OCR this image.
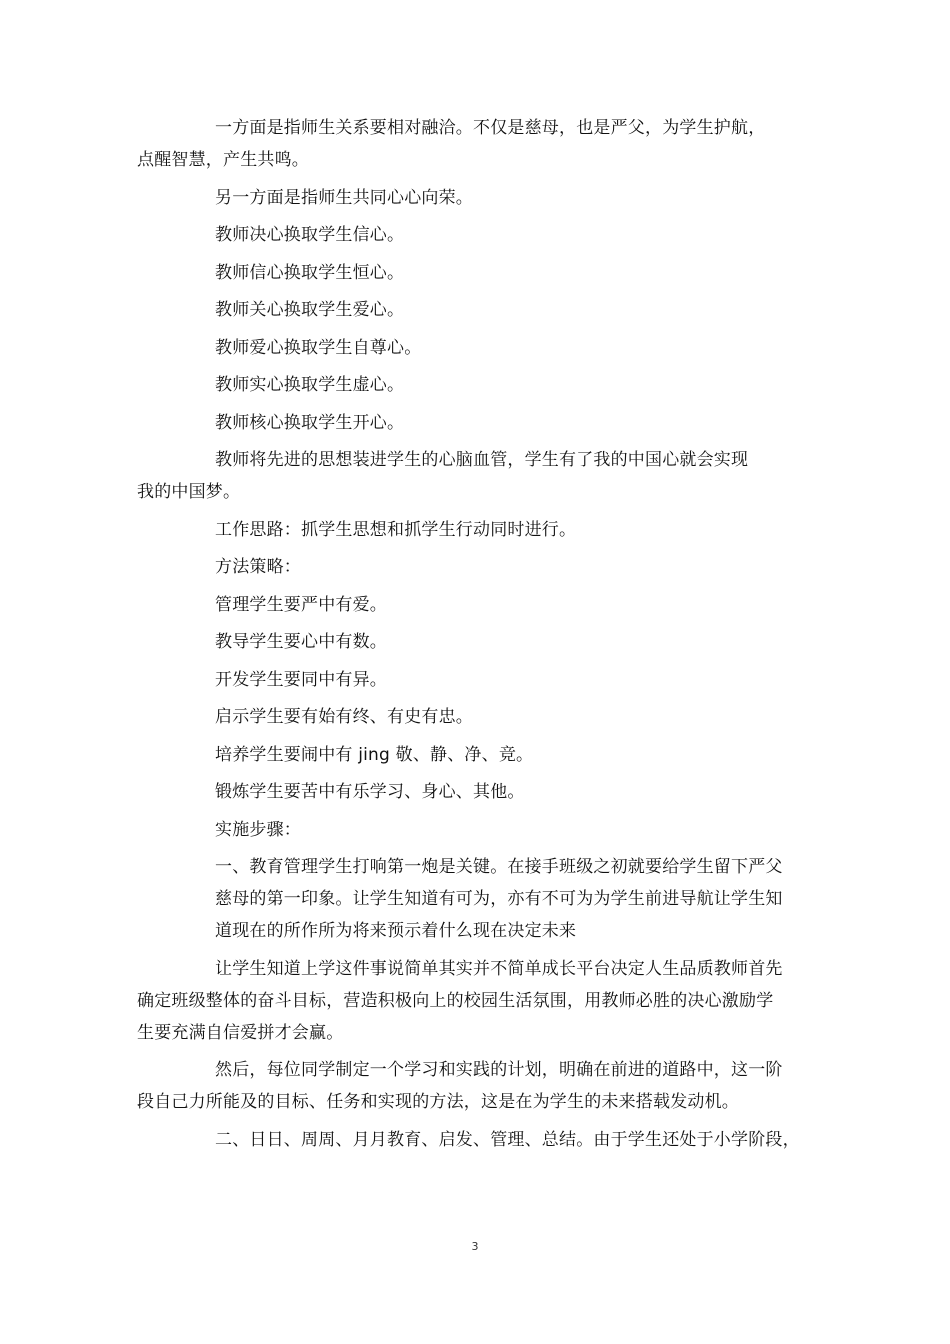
一方面是指师生关系要相对融洽。不仅是慈母，也是严父，为学生护航，
点醒智慧，产生共鸣。
另一方面是指师生共同心心向荣。
教师决心换取学生信心。
教师信心换取学生恒心。
教师关心换取学生爱心。
教师爱心换取学生自尊心。
教师实心换取学生虚心。
教师核心换取学生开心。
教师将先进的思想装进学生的心脑血管，学生有了我的中国心就会实现
我的中国梦。
工作思路：抓学生思想和抓学生行动同时进行。
方法策略：
管理学生要严中有爱。
教导学生要心中有数。
开发学生要同中有异。
启示学生要有始有终、有史有忠。
培养学生要闹中有 jing 敬、静、净、竞。
锻炼学生要苦中有乐学习、身心、其他。
实施步骤：
一、教育管理学生打响第一炮是关键。在接手班级之初就要给学生留下严父
慈母的第一印象。让学生知道有可为，亦有不可为为学生前进导航让学生知
道现在的所作所为将来预示着什么现在决定未来
让学生知道上学这件事说简单其实并不简单成长平台决定人生品质教师首先
确定班级整体的奋斗目标，营造积极向上的校园生活氛围，用教师必胜的决心激励学
生要充满自信爱拼才会赢。
然后，每位同学制定一个学习和实践的计划，明确在前进的道路中，这一阶
段自己力所能及的目标、任务和实现的方法，这是在为学生的未来搭载发动机。
二、日日、周周、月月教育、启发、管理、总结。由于学生还处于小学阶段，
3
